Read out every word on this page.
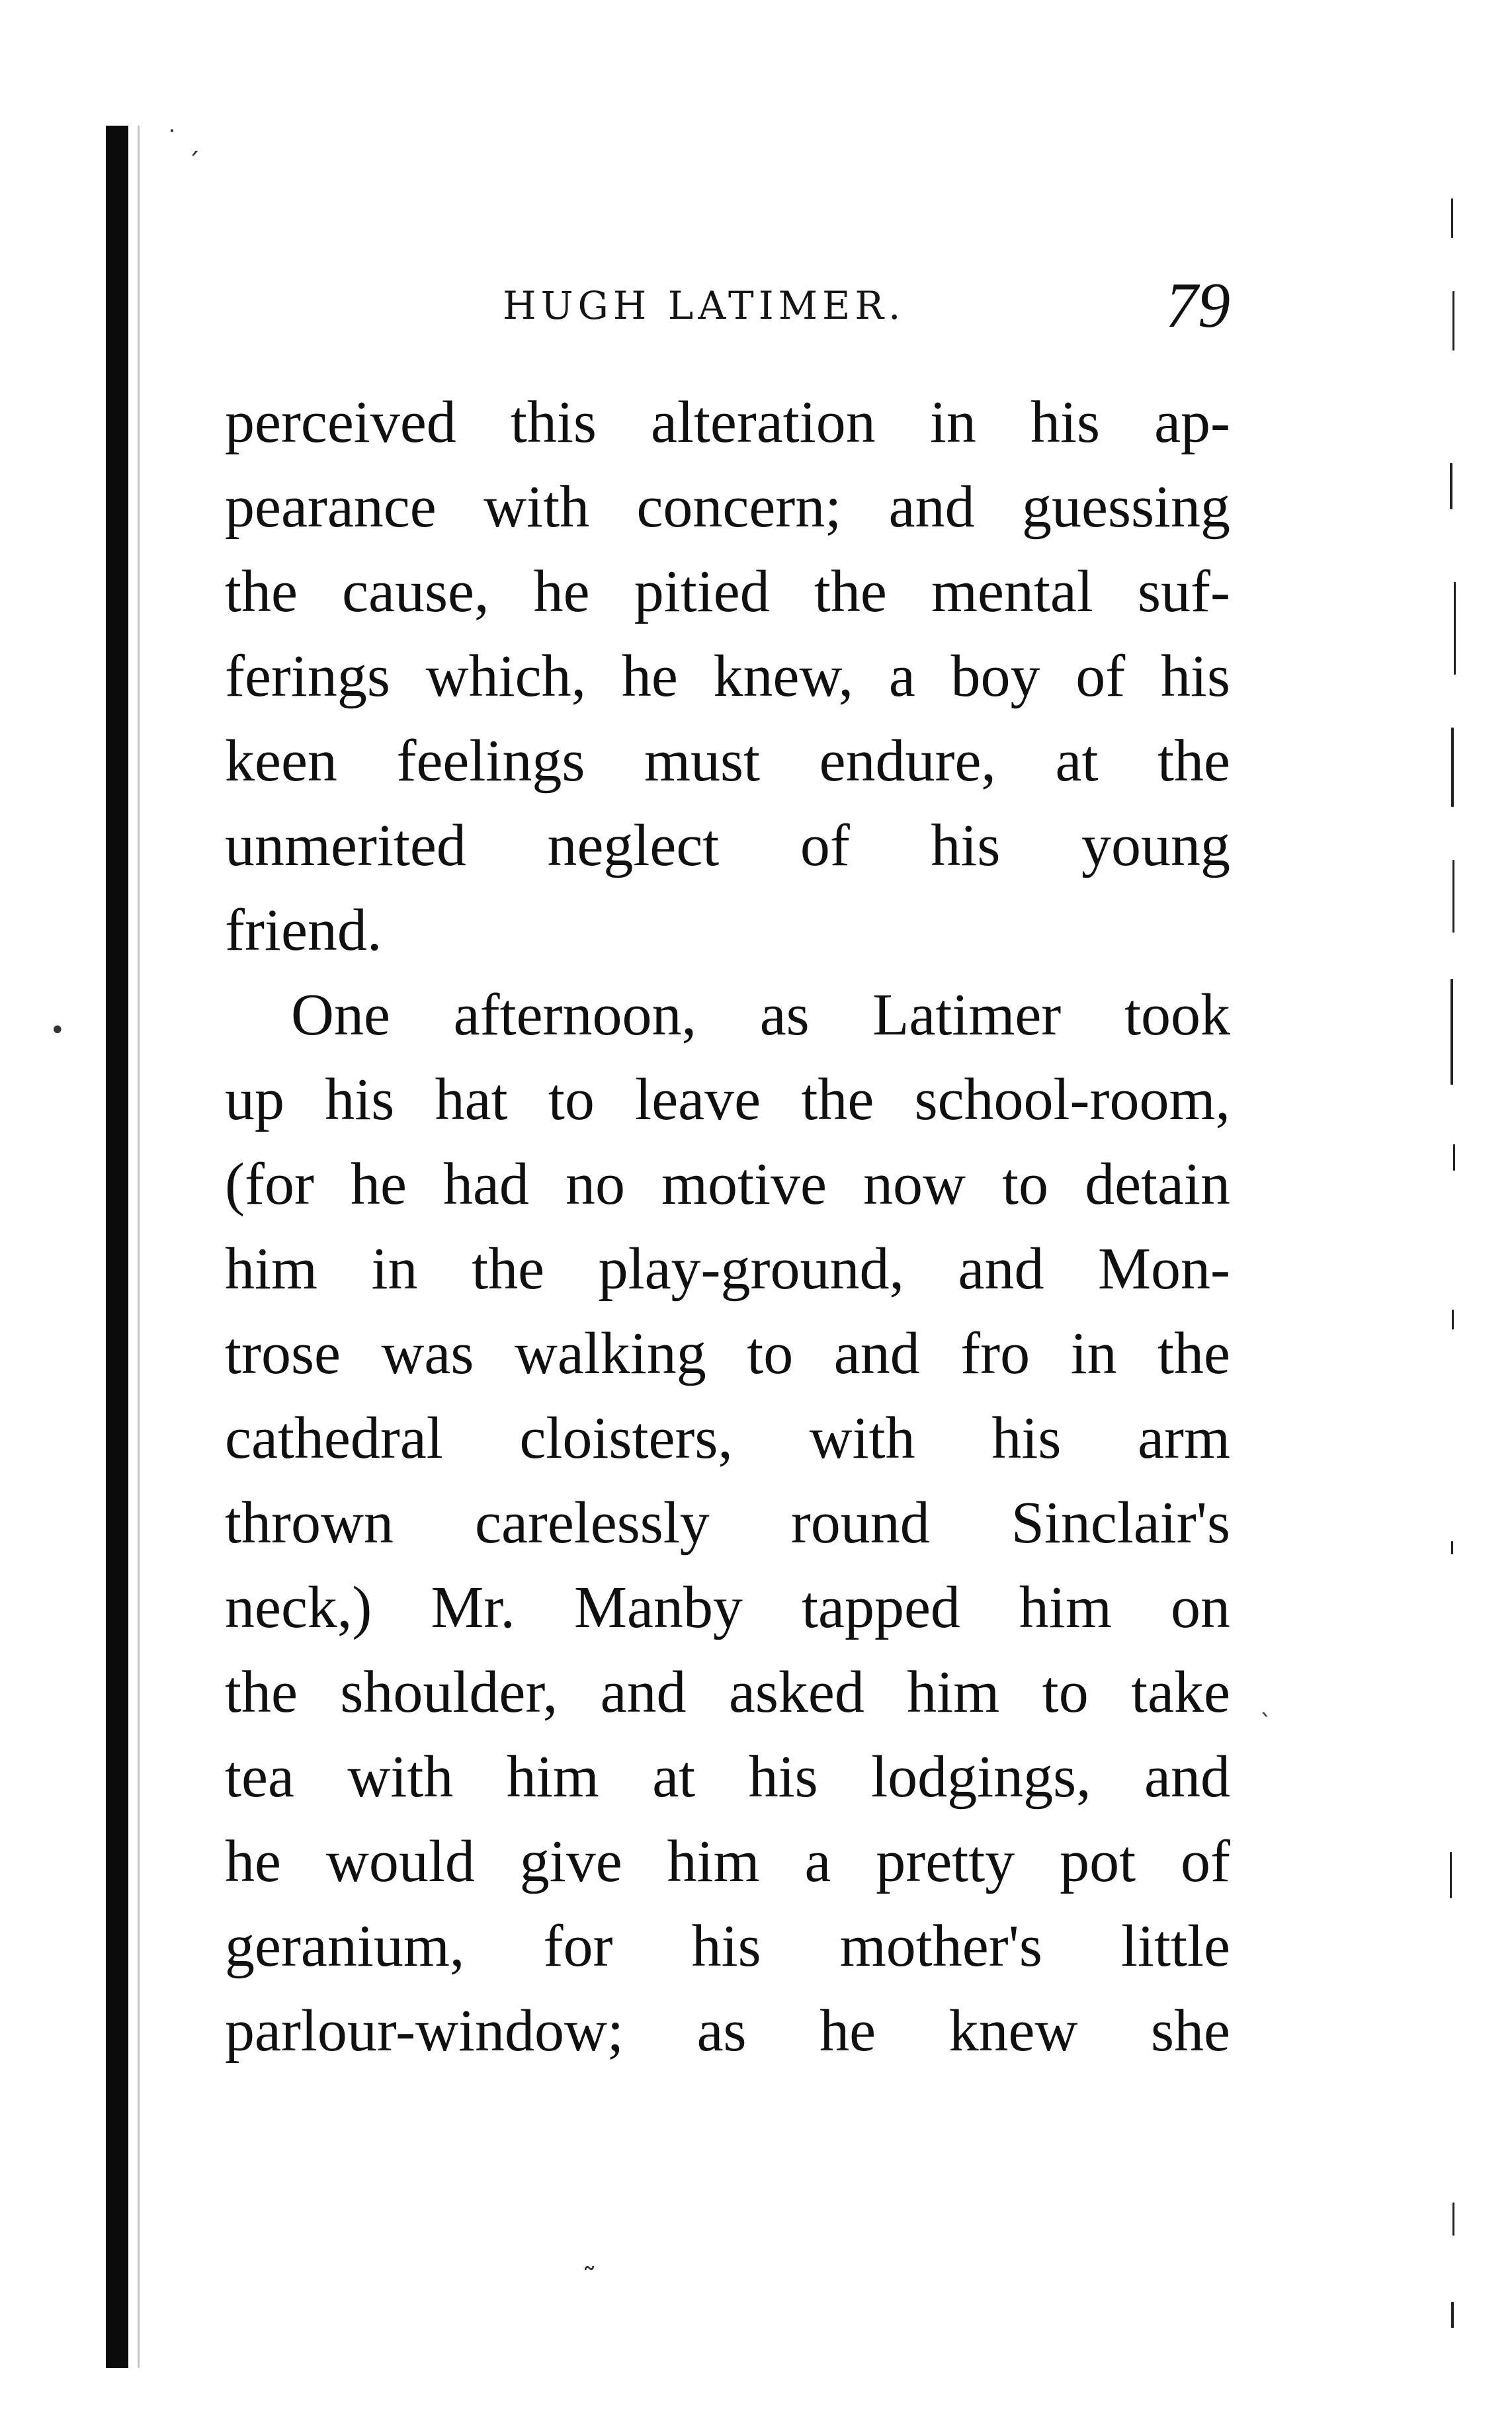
˙ ˏ
•
ˎ
˜
HUGH LATIMER.	79
perceived this alteration in his ap-
pearance with concern; and guessing
the cause, he pitied the mental suf-
ferings which, he knew, a boy of his
keen feelings must endure, at the
unmerited neglect of his young
friend.
One afternoon, as Latimer took
up his hat to leave the school-room,
(for he had no motive now to detain
him in the play-ground, and Mon-
trose was walking to and fro in the
cathedral cloisters, with his arm
thrown carelessly round Sinclair's
neck,) Mr. Manby tapped him on
the shoulder, and asked him to take
tea with him at his lodgings, and
he would give him a pretty pot of
geranium, for his mother's little
parlour-window; as he knew she
